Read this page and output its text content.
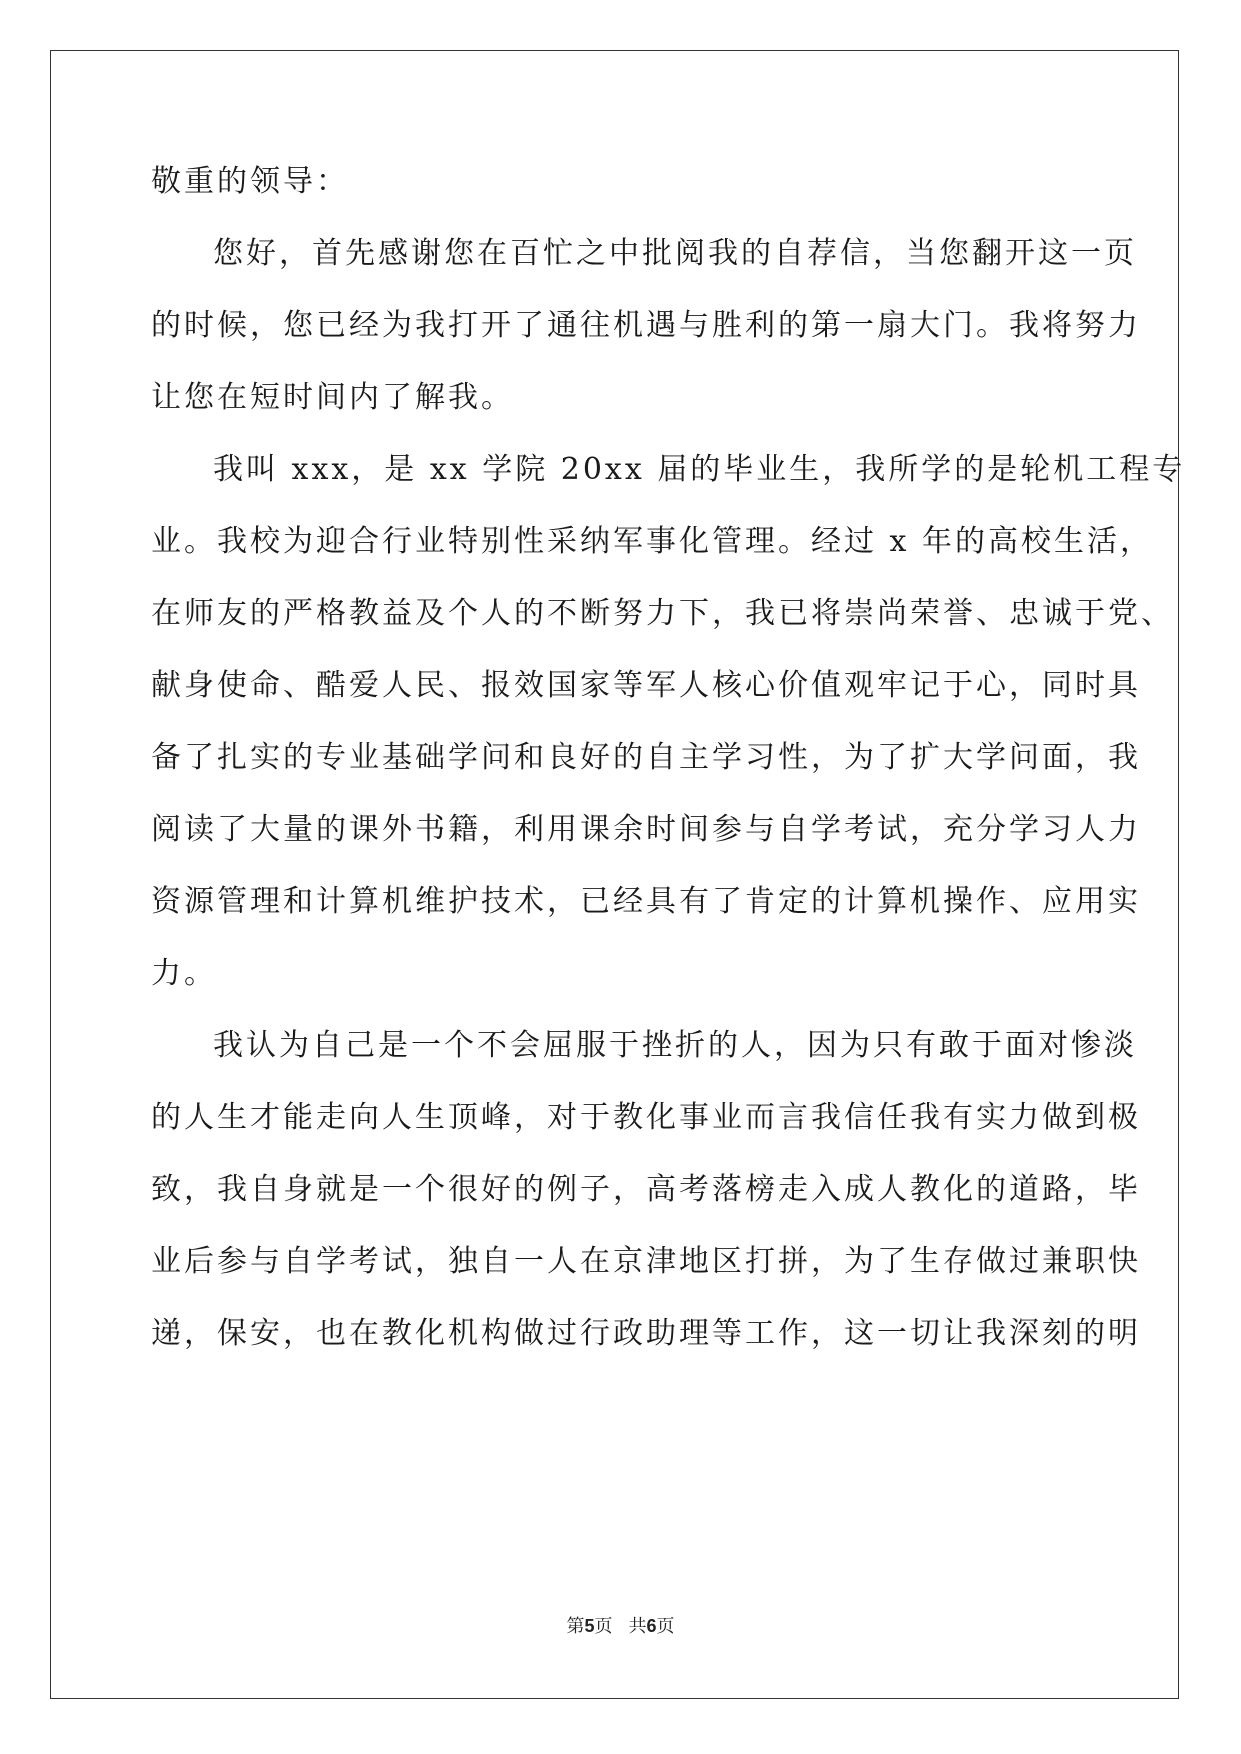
敬重的领导：
您好，首先感谢您在百忙之中批阅我的自荐信，当您翻开这一页
的时候，您已经为我打开了通往机遇与胜利的第一扇大门。我将努力
让您在短时间内了解我。
我叫 xxx，是 xx 学院 20xx 届的毕业生，我所学的是轮机工程专
业。我校为迎合行业特别性采纳军事化管理。经过 x 年的高校生活，
在师友的严格教益及个人的不断努力下，我已将崇尚荣誉、忠诚于党、
献身使命、酷爱人民、报效国家等军人核心价值观牢记于心，同时具
备了扎实的专业基础学问和良好的自主学习性，为了扩大学问面，我
阅读了大量的课外书籍，利用课余时间参与自学考试，充分学习人力
资源管理和计算机维护技术，已经具有了肯定的计算机操作、应用实
力。
我认为自己是一个不会屈服于挫折的人，因为只有敢于面对惨淡
的人生才能走向人生顶峰，对于教化事业而言我信任我有实力做到极
致，我自身就是一个很好的例子，高考落榜走入成人教化的道路，毕
业后参与自学考试，独自一人在京津地区打拼，为了生存做过兼职快
递，保安，也在教化机构做过行政助理等工作，这一切让我深刻的明
第5页 共6页
